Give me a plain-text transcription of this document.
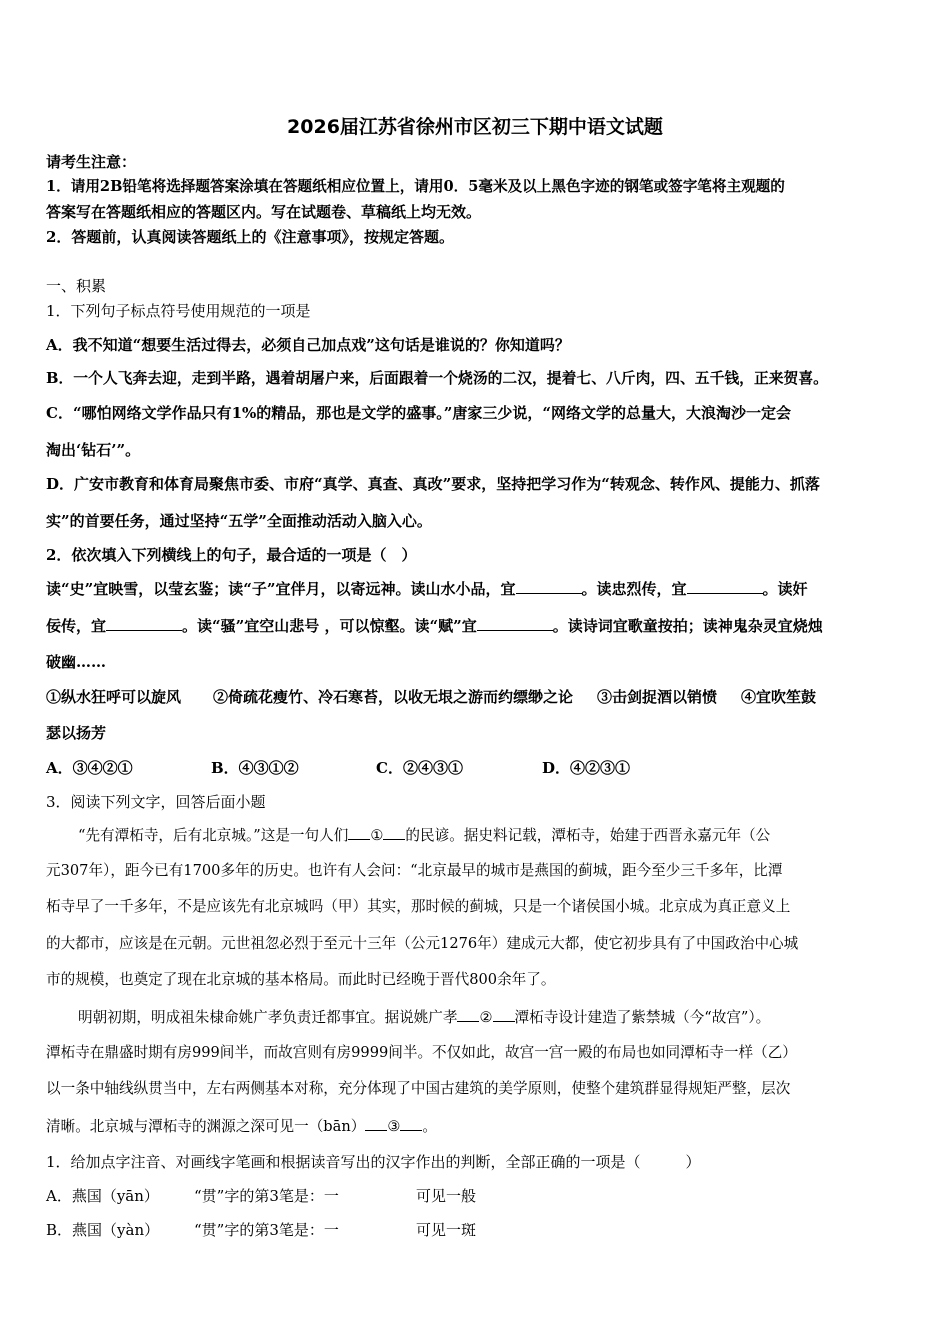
2026届江苏省徐州市区初三下期中语文试题
请考生注意：
1．请用2B铅笔将选择题答案涂填在答题纸相应位置上，请用0．5毫米及以上黑色字迹的钢笔或签字笔将主观题的
答案写在答题纸相应的答题区内。写在试题卷、草稿纸上均无效。
2．答题前，认真阅读答题纸上的《注意事项》，按规定答题。
一、积累
1．下列句子标点符号使用规范的一项是
A．我不知道“想要生活过得去，必须自己加点戏”这句话是谁说的？你知道吗？
B．一个人飞奔去迎，走到半路，遇着胡屠户来，后面跟着一个烧汤的二汉，提着七、八斤肉，四、五千钱，正来贺喜。
C．“哪怕网络文学作品只有1%的精品，那也是文学的盛事。”唐家三少说，“网络文学的总量大，大浪淘沙一定会
淘出‘钻石’”。
D．广安市教育和体育局聚焦市委、市府“真学、真查、真改”要求，坚持把学习作为“转观念、转作风、提能力、抓落
实”的首要任务，通过坚持“五学”全面推动活动入脑入心。
2．依次填入下列横线上的句子，最合适的一项是（　）
读“史”宜映雪，以莹玄鉴；读“子”宜伴月，以寄远神。读山水小品，宜	。读忠烈传，宜	。读奸
佞传，宜	。读“骚”宜空山悲号 ，可以惊壑。读“赋”宜	。读诗词宜歌童按拍；读神鬼杂灵宜烧烛
破幽……
①纵水狂呼可以旋风 ②倚疏花瘦竹、冷石寒苔，以收无垠之游而约缥缈之论 ③击剑捉酒以销愤 ④宜吹笙鼓
瑟以扬芳
A．③④②①	B．④③①②	C．②④③①	D．④②③①
3．阅读下列文字，回答后面小题
“先有潭柘寺，后有北京城。”这是一句人们 ① 的民谚。据史料记载，潭柘寺，始建于西晋永嘉元年（公
元307年），距今已有1700多年的历史。也许有人会问：“北京最早的城市是燕国的蓟城，距今至少三千多年，比潭
柘寺早了一千多年，不是应该先有北京城吗（甲）其实，那时候的蓟城，只是一个诸侯国小城。北京成为真正意义上
的大都市，应该是在元朝。元世祖忽必烈于至元十三年（公元1276年）建成元大都，使它初步具有了中国政治中心城
市的规模，也奠定了现在北京城的基本格局。而此时已经晚于晋代800余年了。
明朝初期，明成祖朱棣命姚广孝负责迁都事宜。据说姚广孝 ② 潭柘寺设计建造了紫禁城（今“故宫”）。
潭柘寺在鼎盛时期有房999间半，而故宫则有房9999间半。不仅如此，故宫一宫一殿的布局也如同潭柘寺一样（乙）
以一条中轴线纵贯当中，左右两侧基本对称，充分体现了中国古建筑的美学原则，使整个建筑群显得规矩严整，层次
清晰。北京城与潭柘寺的渊源之深可见一（bān） ③ 。
1．给加点字注音、对画线字笔画和根据读音写出的汉字作出的判断，全部正确的一项是（　　　）
A．燕国（yān） “贯”字的第3笔是：一	可见一般
B．燕国（yàn） “贯”字的第3笔是：一	可见一斑
